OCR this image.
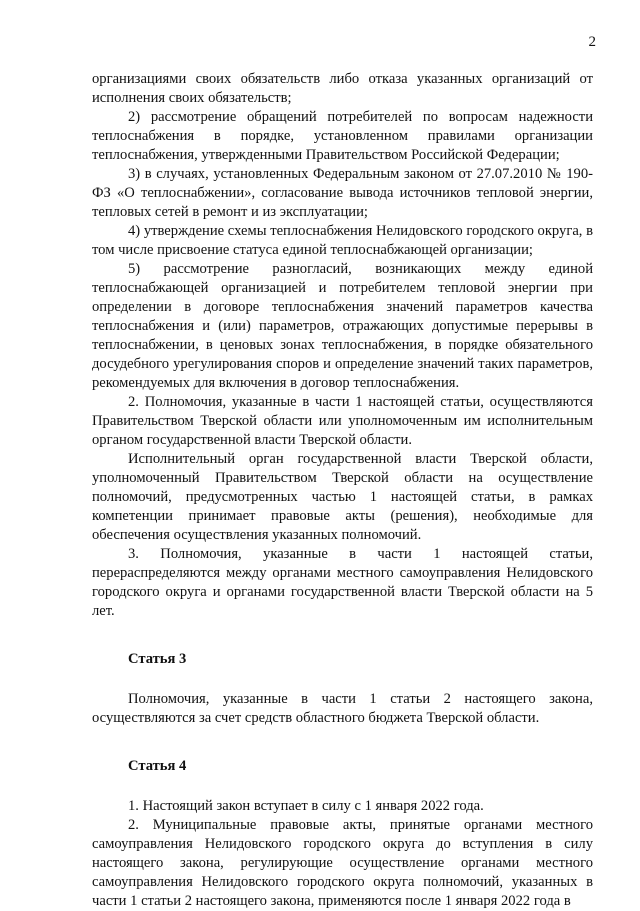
2

организациями своих обязательств либо отказа указанных организаций от исполнения своих обязательств;

2) рассмотрение обращений потребителей по вопросам надежности теплоснабжения в порядке, установленном правилами организации теплоснабжения, утвержденными Правительством Российской Федерации;

3) в случаях, установленных Федеральным законом от 27.07.2010 № 190-ФЗ «О теплоснабжении», согласование вывода источников тепловой энергии, тепловых сетей в ремонт и из эксплуатации;

4) утверждение схемы теплоснабжения Нелидовского городского округа, в том числе присвоение статуса единой теплоснабжающей организации;

5) рассмотрение разногласий, возникающих между единой теплоснабжающей организацией и потребителем тепловой энергии при определении в договоре теплоснабжения значений параметров качества теплоснабжения и (или) параметров, отражающих допустимые перерывы в теплоснабжении, в ценовых зонах теплоснабжения, в порядке обязательного досудебного урегулирования споров и определение значений таких параметров, рекомендуемых для включения в договор теплоснабжения.

2. Полномочия, указанные в части 1 настоящей статьи, осуществляются Правительством Тверской области или уполномоченным им исполнительным органом государственной власти Тверской области.

Исполнительный орган государственной власти Тверской области, уполномоченный Правительством Тверской области на осуществление полномочий, предусмотренных частью 1 настоящей статьи, в рамках компетенции принимает правовые акты (решения), необходимые для обеспечения осуществления указанных полномочий.

3. Полномочия, указанные в части 1 настоящей статьи, перераспределяются между органами местного самоуправления Нелидовского городского округа и органами государственной власти Тверской области на 5 лет.

Статья 3

Полномочия, указанные в части 1 статьи 2 настоящего закона, осуществляются за счет средств областного бюджета Тверской области.

Статья 4

1. Настоящий закон вступает в силу с 1 января 2022 года.

2. Муниципальные правовые акты, принятые органами местного самоуправления Нелидовского городского округа до вступления в силу настоящего закона, регулирующие осуществление органами местного самоуправления Нелидовского городского округа полномочий, указанных в части 1 статьи 2 настоящего закона, применяются после 1 января 2022 года в
